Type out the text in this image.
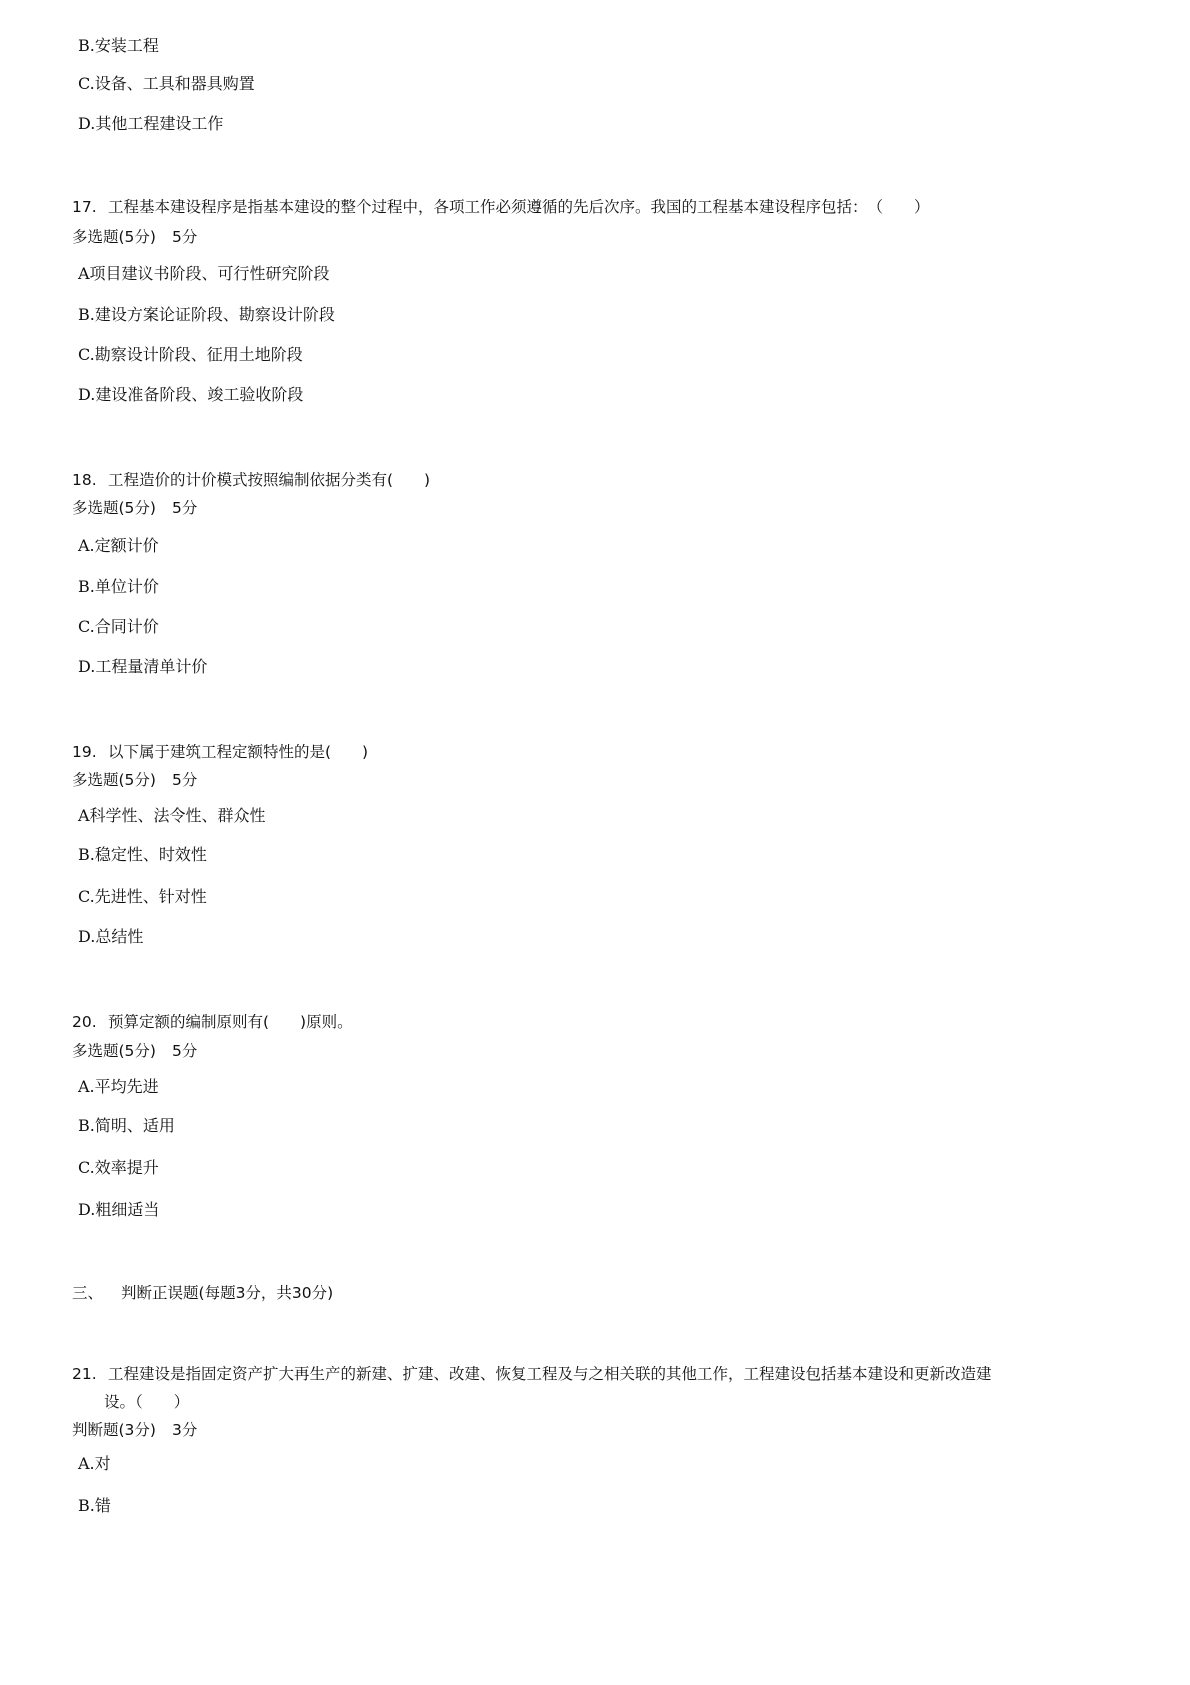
B.安装工程
C.设备、工具和器具购置
D.其他工程建设工作
17. 工程基本建设程序是指基本建设的整个过程中，各项工作必须遵循的先后次序。我国的工程基本建设程序包括：　（　　）
多选题(5分) 5分
A项目建议书阶段、可行性研究阶段
B.建设方案论证阶段、勘察设计阶段
C.勘察设计阶段、征用土地阶段
D.建设准备阶段、竣工验收阶段
18. 工程造价的计价模式按照编制依据分类有(　　)
多选题(5分) 5分
A.定额计价
B.单位计价
C.合同计价
D.工程量清单计价
19. 以下属于建筑工程定额特性的是(　　)
多选题(5分) 5分
A科学性、法令性、群众性
B.稳定性、时效性
C.先进性、针对性
D.总结性
20. 预算定额的编制原则有(　　)原则。
多选题(5分) 5分
A.平均先进
B.简明、适用
C.效率提升
D.粗细适当
三、 判断正误题(每题3分，共30分)
21. 工程建设是指固定资产扩大再生产的新建、扩建、改建、恢复工程及与之相关联的其他工作，工程建设包括基本建设和更新改造建
设。（　　）
判断题(3分) 3分
A.对
B.错
